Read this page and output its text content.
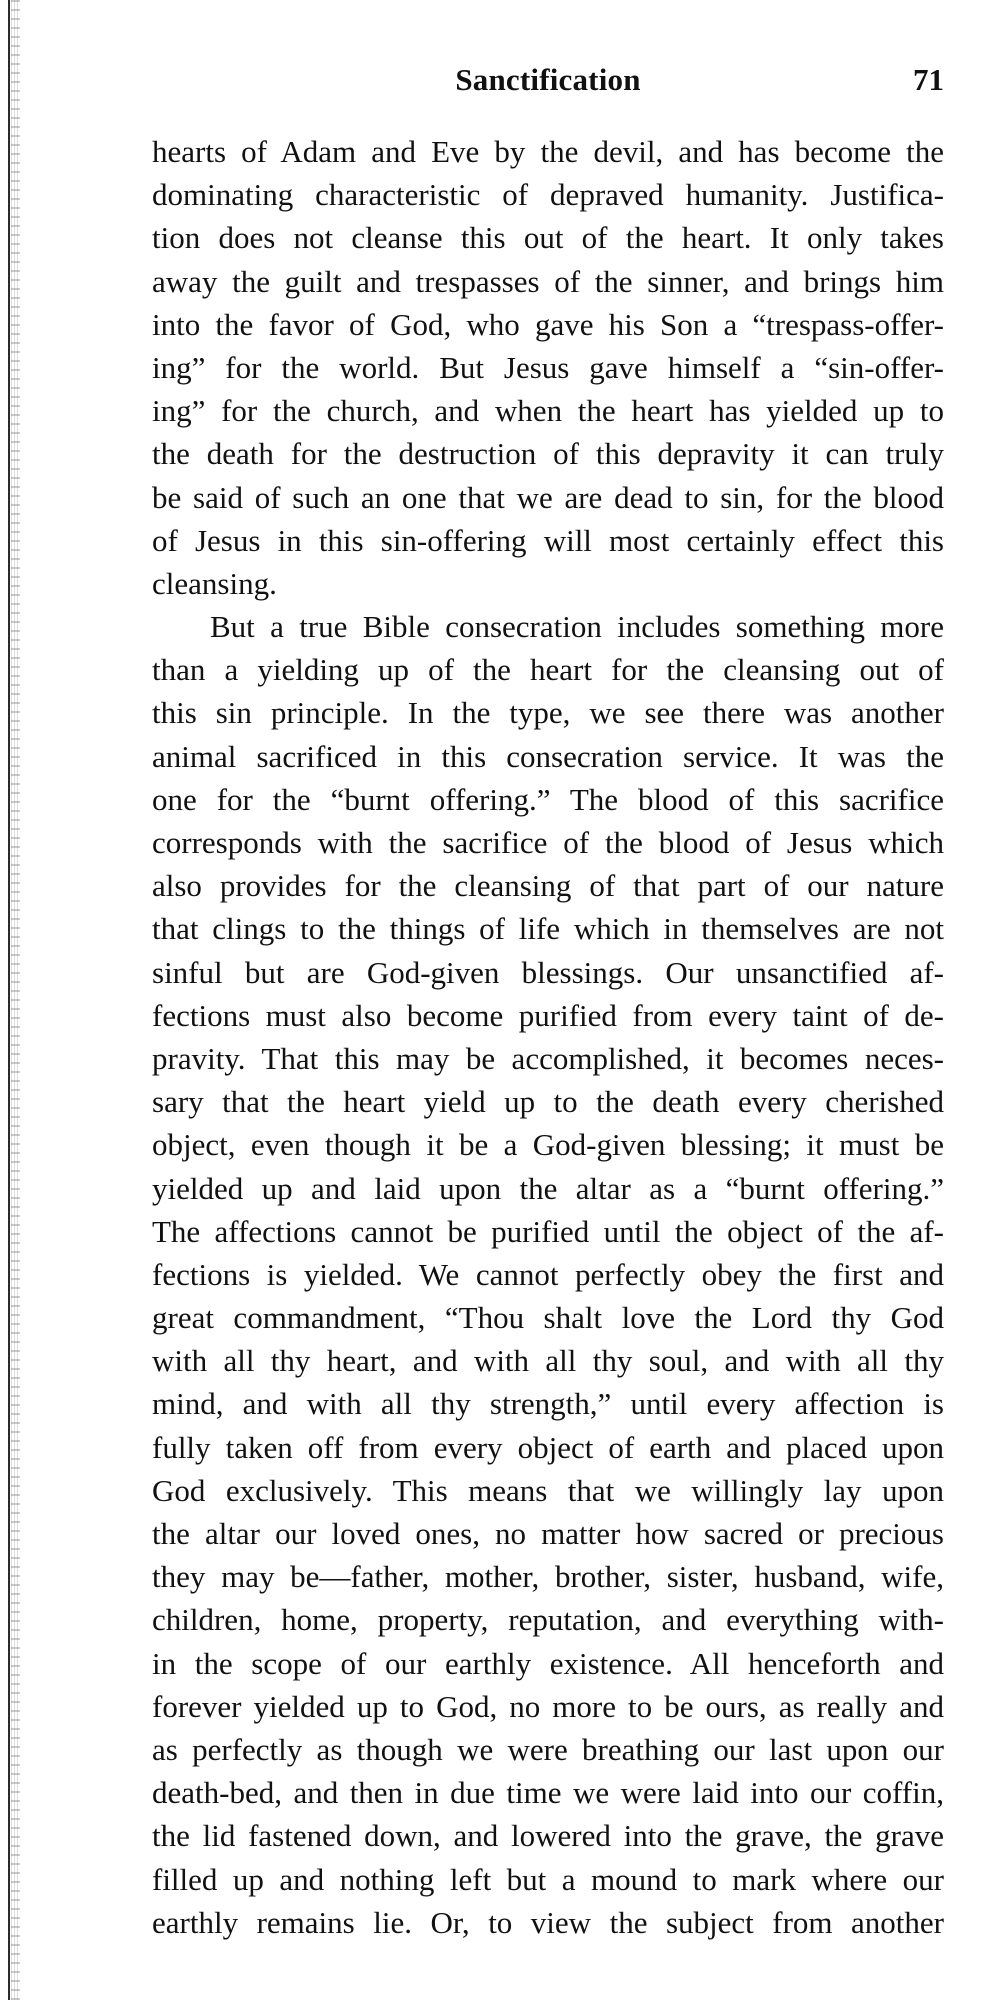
Sanctification	71
hearts of Adam and Eve by the devil, and has become the
dominating characteristic of depraved humanity. Justifica-
tion does not cleanse this out of the heart. It only takes
away the guilt and trespasses of the sinner, and brings him
into the favor of God, who gave his Son a “trespass-offer-
ing” for the world. But Jesus gave himself a “sin-offer-
ing” for the church, and when the heart has yielded up to
the death for the destruction of this depravity it can truly
be said of such an one that we are dead to sin, for the blood
of Jesus in this sin-offering will most certainly effect this
cleansing.
But a true Bible consecration includes something more
than a yielding up of the heart for the cleansing out of
this sin principle. In the type, we see there was another
animal sacrificed in this consecration service. It was the
one for the “burnt offering.” The blood of this sacrifice
corresponds with the sacrifice of the blood of Jesus which
also provides for the cleansing of that part of our nature
that clings to the things of life which in themselves are not
sinful but are God-given blessings. Our unsanctified af-
fections must also become purified from every taint of de-
pravity. That this may be accomplished, it becomes neces-
sary that the heart yield up to the death every cherished
object, even though it be a God-given blessing; it must be
yielded up and laid upon the altar as a “burnt offering.”
The affections cannot be purified until the object of the af-
fections is yielded. We cannot perfectly obey the first and
great commandment, “Thou shalt love the Lord thy God
with all thy heart, and with all thy soul, and with all thy
mind, and with all thy strength,” until every affection is
fully taken off from every object of earth and placed upon
God exclusively. This means that we willingly lay upon
the altar our loved ones, no matter how sacred or precious
they may be—father, mother, brother, sister, husband, wife,
children, home, property, reputation, and everything with-
in the scope of our earthly existence. All henceforth and
forever yielded up to God, no more to be ours, as really and
as perfectly as though we were breathing our last upon our
death-bed, and then in due time we were laid into our coffin,
the lid fastened down, and lowered into the grave, the grave
filled up and nothing left but a mound to mark where our
earthly remains lie. Or, to view the subject from another
